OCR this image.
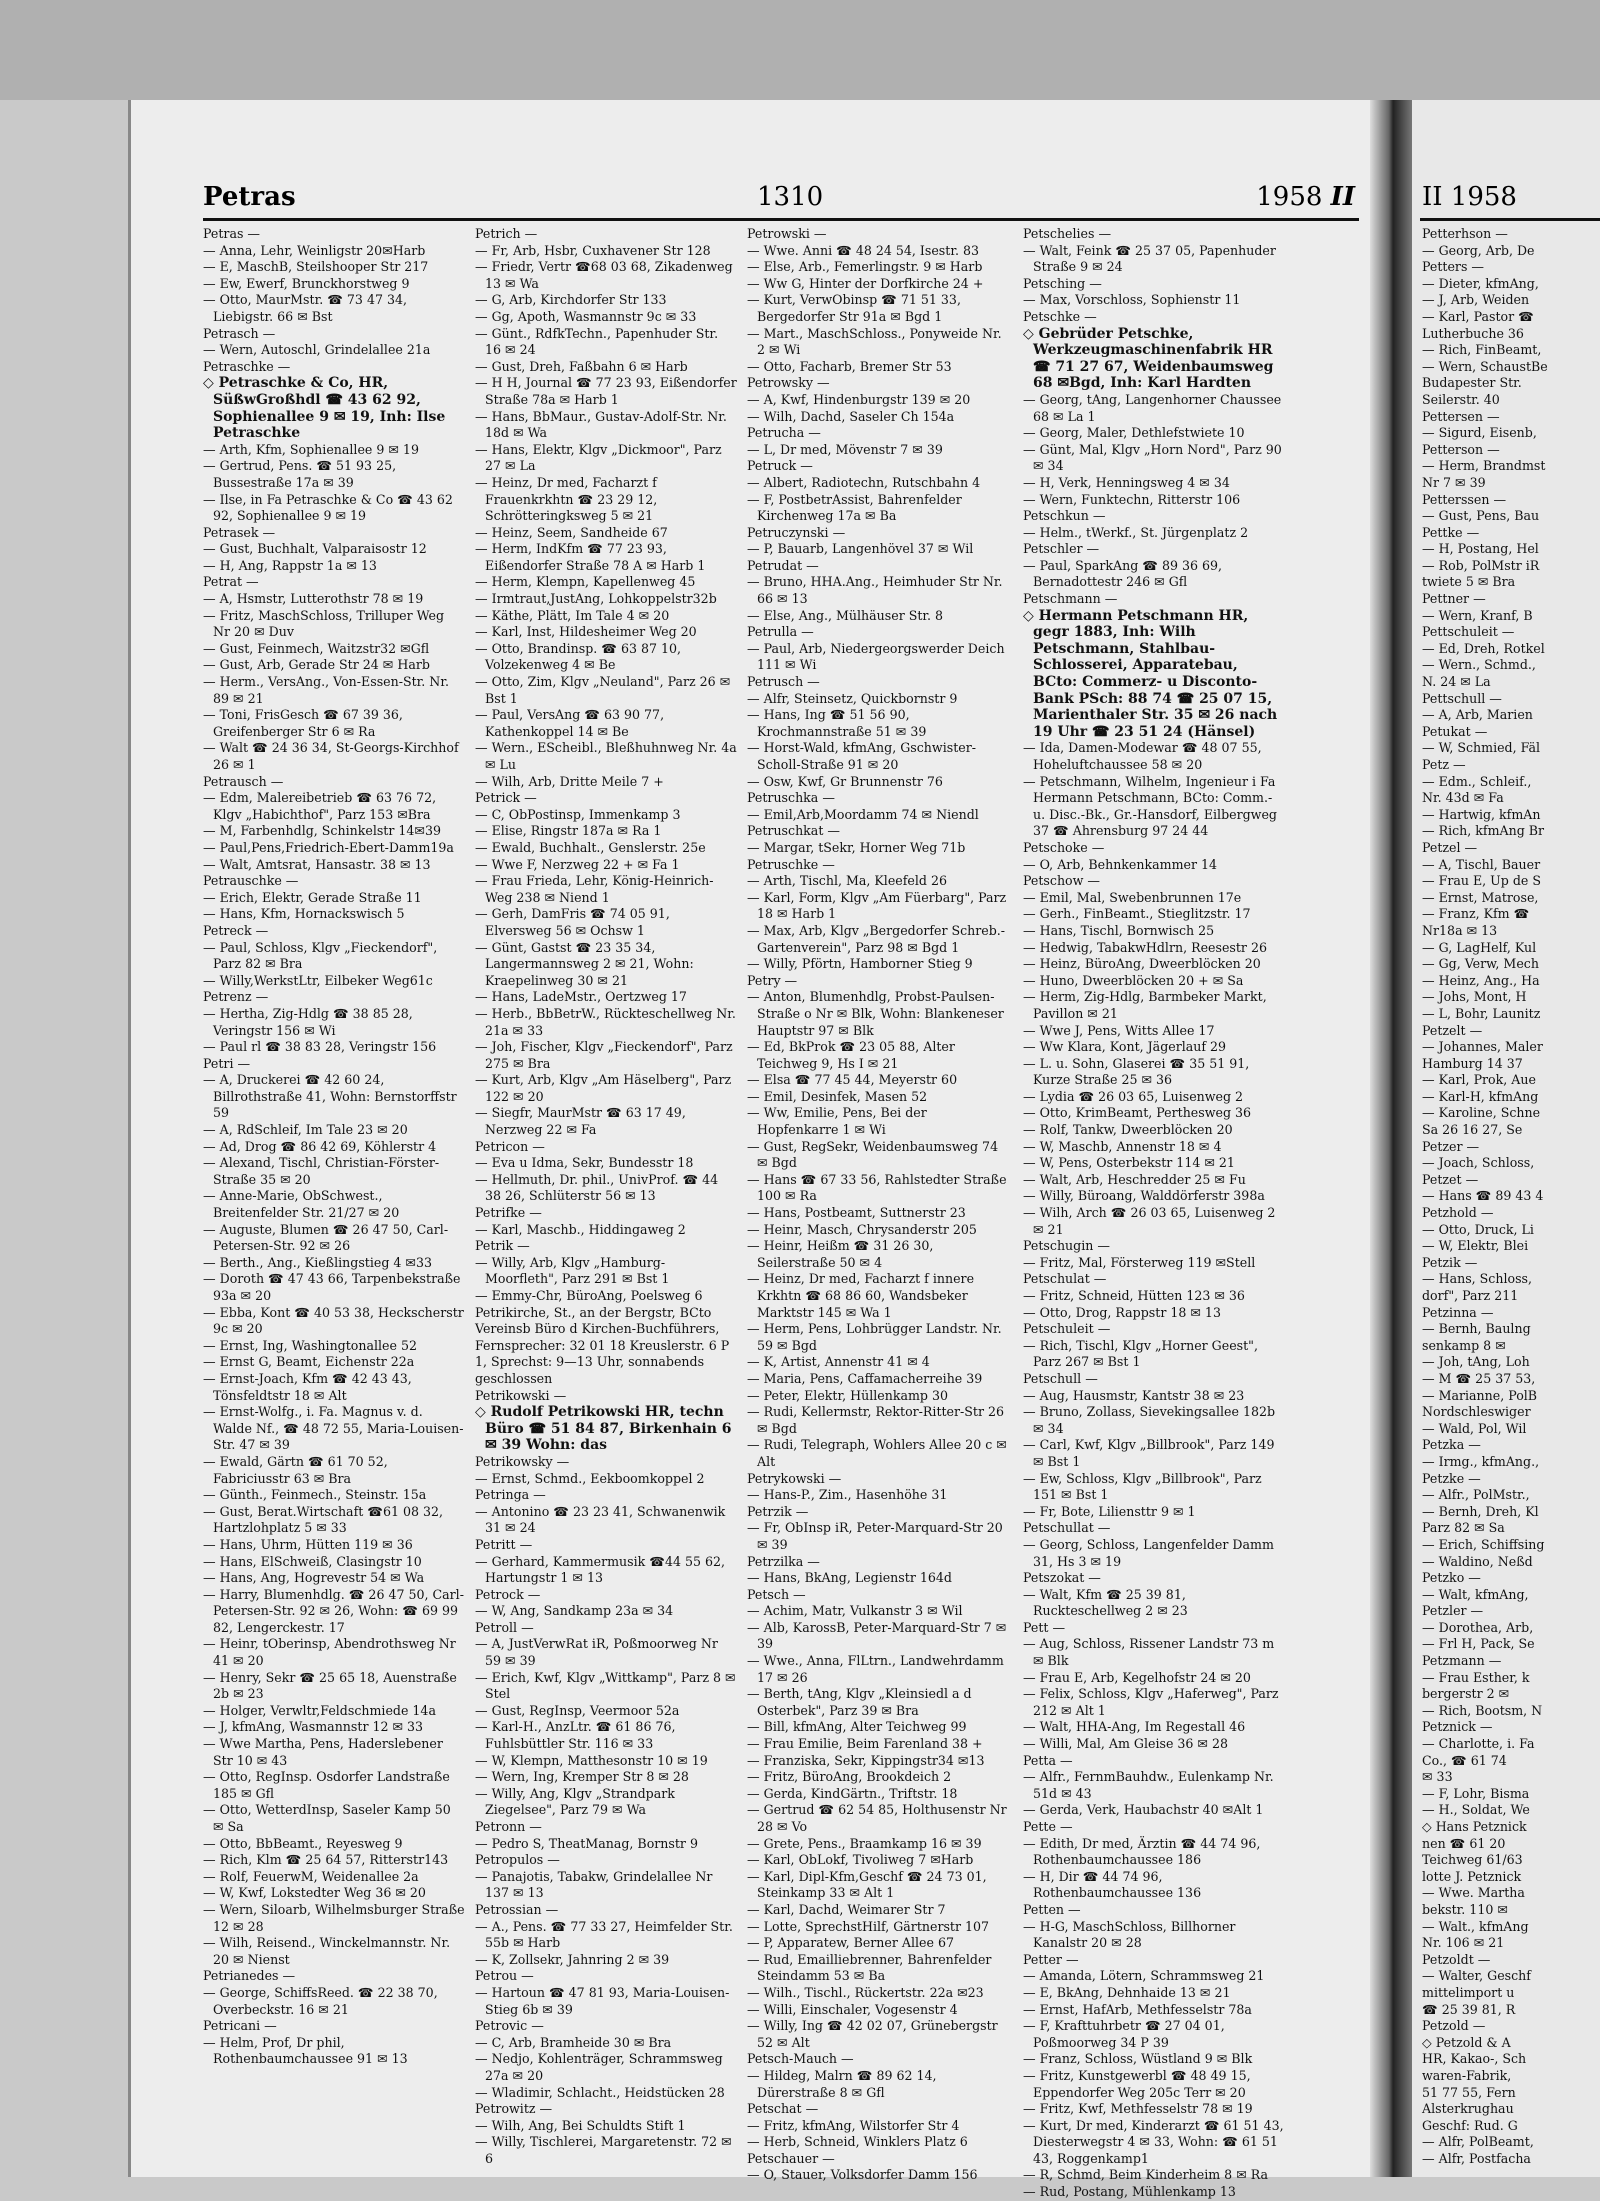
Petras	1310	1958 II
Petras —
— Anna, Lehr, Weinligstr 20✉Harb
— E, MaschB, Steilshooper Str 217
— Ew, Ewerf, Brunckhorstweg 9
— Otto, MaurMstr. ☎ 73 47 34, Liebigstr. 66 ✉ Bst
Petrasch —
— Wern, Autoschl, Grindelallee 21a
Petraschke —
◇ Petraschke & Co, HR, SüßwGroßhdl ☎ 43 62 92, Sophienallee 9 ✉ 19, Inh: Ilse Petraschke
— Arth, Kfm, Sophienallee 9 ✉ 19
— Gertrud, Pens. ☎ 51 93 25, Bussestraße 17a ✉ 39
— Ilse, in Fa Petraschke & Co ☎ 43 62 92, Sophienallee 9 ✉ 19
Petrasek —
— Gust, Buchhalt, Valparaisostr 12
— H, Ang, Rappstr 1a ✉ 13
Petrat —
— A, Hsmstr, Lutterothstr 78 ✉ 19
— Fritz, MaschSchloss, Trilluper Weg Nr 20 ✉ Duv
— Gust, Feinmech, Waitzstr32 ✉Gfl
— Gust, Arb, Gerade Str 24 ✉ Harb
— Herm., VersAng., Von-Essen-Str. Nr. 89 ✉ 21
— Toni, FrisGesch ☎ 67 39 36, Greifenberger Str 6 ✉ Ra
— Walt ☎ 24 36 34, St-Georgs-Kirchhof 26 ✉ 1
Petrausch —
— Edm, Malereibetrieb ☎ 63 76 72, Klgv „Habichthof", Parz 153 ✉Bra
— M, Farbenhdlg, Schinkelstr 14✉39
— Paul,Pens,Friedrich-Ebert-Damm19a
— Walt, Amtsrat, Hansastr. 38 ✉ 13
Petrauschke —
— Erich, Elektr, Gerade Straße 11
— Hans, Kfm, Hornackswisch 5
Petreck —
— Paul, Schloss, Klgv „Fieckendorf", Parz 82 ✉ Bra
— Willy,WerkstLtr, Eilbeker Weg61c
Petrenz —
— Hertha, Zig-Hdlg ☎ 38 85 28, Veringstr 156 ✉ Wi
— Paul rl ☎ 38 83 28, Veringstr 156
Petri —
— A, Druckerei ☎ 42 60 24, Billrothstraße 41, Wohn: Bernstorffstr 59
— A, RdSchleif, Im Tale 23 ✉ 20
— Ad, Drog ☎ 86 42 69, Köhlerstr 4
— Alexand, Tischl, Christian-Förster-Straße 35 ✉ 20
— Anne-Marie, ObSchwest., Breitenfelder Str. 21/27 ✉ 20
— Auguste, Blumen ☎ 26 47 50, Carl-Petersen-Str. 92 ✉ 26
— Berth., Ang., Kießlingstieg 4 ✉33
— Doroth ☎ 47 43 66, Tarpenbekstraße 93a ✉ 20
— Ebba, Kont ☎ 40 53 38, Heckscherstr 9c ✉ 20
— Ernst, Ing, Washingtonallee 52
— Ernst G, Beamt, Eichenstr 22a
— Ernst-Joach, Kfm ☎ 42 43 43, Tönsfeldtstr 18 ✉ Alt
— Ernst-Wolfg., i. Fa. Magnus v. d. Walde Nf., ☎ 48 72 55, Maria-Louisen-Str. 47 ✉ 39
— Ewald, Gärtn ☎ 61 70 52, Fabriciusstr 63 ✉ Bra
— Günth., Feinmech., Steinstr. 15a
— Gust, Berat.Wirtschaft ☎61 08 32, Hartzlohplatz 5 ✉ 33
— Hans, Uhrm, Hütten 119 ✉ 36
— Hans, ElSchweiß, Clasingstr 10
— Hans, Ang, Hogrevestr 54 ✉ Wa
— Harry, Blumenhdlg. ☎ 26 47 50, Carl-Petersen-Str. 92 ✉ 26, Wohn: ☎ 69 99 82, Lengerckestr. 17
— Heinr, tOberinsp, Abendrothsweg Nr 41 ✉ 20
— Henry, Sekr ☎ 25 65 18, Auenstraße 2b ✉ 23
— Holger, Verwltr,Feldschmiede 14a
— J, kfmAng, Wasmannstr 12 ✉ 33
— Wwe Martha, Pens, Haderslebener Str 10 ✉ 43
— Otto, RegInsp. Osdorfer Landstraße 185 ✉ Gfl
— Otto, WetterdInsp, Saseler Kamp 50 ✉ Sa
— Otto, BbBeamt., Reyesweg 9
— Rich, Klm ☎ 25 64 57, Ritterstr143
— Rolf, FeuerwM, Weidenallee 2a
— W, Kwf, Lokstedter Weg 36 ✉ 20
— Wern, Siloarb, Wilhelmsburger Straße 12 ✉ 28
— Wilh, Reisend., Winckelmannstr. Nr. 20 ✉ Nienst
Petrianedes —
— George, SchiffsReed. ☎ 22 38 70, Overbeckstr. 16 ✉ 21
Petricani —
— Helm, Prof, Dr phil, Rothenbaumchaussee 91 ✉ 13
Petrich —
— Fr, Arb, Hsbr, Cuxhavener Str 128
— Friedr, Vertr ☎68 03 68, Zikadenweg 13 ✉ Wa
— G, Arb, Kirchdorfer Str 133
— Gg, Apoth, Wasmannstr 9c ✉ 33
— Günt., RdfkTechn., Papenhuder Str. 16 ✉ 24
— Gust, Dreh, Faßbahn 6 ✉ Harb
— H H, Journal ☎ 77 23 93, Eißendorfer Straße 78a ✉ Harb 1
— Hans, BbMaur., Gustav-Adolf-Str. Nr. 18d ✉ Wa
— Hans, Elektr, Klgv „Dickmoor", Parz 27 ✉ La
— Heinz, Dr med, Facharzt f Frauenkrkhtn ☎ 23 29 12, Schrötteringksweg 5 ✉ 21
— Heinz, Seem, Sandheide 67
— Herm, IndKfm ☎ 77 23 93, Eißendorfer Straße 78 A ✉ Harb 1
— Herm, Klempn, Kapellenweg 45
— Irmtraut,JustAng, Lohkoppelstr32b
— Käthe, Plätt, Im Tale 4 ✉ 20
— Karl, Inst, Hildesheimer Weg 20
— Otto, Brandinsp. ☎ 63 87 10, Volzekenweg 4 ✉ Be
— Otto, Zim, Klgv „Neuland", Parz 26 ✉ Bst 1
— Paul, VersAng ☎ 63 90 77, Kathenkoppel 14 ✉ Be
— Wern., EScheibl., Bleßhuhnweg Nr. 4a ✉ Lu
— Wilh, Arb, Dritte Meile 7 +
Petrick —
— C, ObPostinsp, Immenkamp 3
— Elise, Ringstr 187a ✉ Ra 1
— Ewald, Buchhalt., Genslerstr. 25e
— Wwe F, Nerzweg 22 + ✉ Fa 1
— Frau Frieda, Lehr, König-Heinrich-Weg 238 ✉ Niend 1
— Gerh, DamFris ☎ 74 05 91, Elversweg 56 ✉ Ochsw 1
— Günt, Gastst ☎ 23 35 34, Langermannsweg 2 ✉ 21, Wohn: Kraepelinweg 30 ✉ 21
— Hans, LadeMstr., Oertzweg 17
— Herb., BbBetrW., Rückteschellweg Nr. 21a ✉ 33
— Joh, Fischer, Klgv „Fieckendorf", Parz 275 ✉ Bra
— Kurt, Arb, Klgv „Am Häselberg", Parz 122 ✉ 20
— Siegfr, MaurMstr ☎ 63 17 49, Nerzweg 22 ✉ Fa
Petricon —
— Eva u Idma, Sekr, Bundesstr 18
— Hellmuth, Dr. phil., UnivProf. ☎ 44 38 26, Schlüterstr 56 ✉ 13
Petrifke —
— Karl, Maschb., Hiddingaweg 2
Petrik —
— Willy, Arb, Klgv „Hamburg-Moorfleth", Parz 291 ✉ Bst 1
— Emmy-Chr, BüroAng, Poelsweg 6
Petrikirche, St., an der Bergstr, BCto Vereinsb Büro d Kirchen-Buchführers, Fernsprecher: 32 01 18 Kreuslerstr. 6 P 1, Sprechst: 9—13 Uhr, sonnabends geschlossen
Petrikowski —
◇ Rudolf Petrikowski HR, techn Büro ☎ 51 84 87, Birkenhain 6 ✉ 39 Wohn: das
Petrikowsky —
— Ernst, Schmd., Eekboomkoppel 2
Petringa —
— Antonino ☎ 23 23 41, Schwanenwik 31 ✉ 24
Petritt —
— Gerhard, Kammermusik ☎44 55 62, Hartungstr 1 ✉ 13
Petrock —
— W, Ang, Sandkamp 23a ✉ 34
Petroll —
— A, JustVerwRat iR, Poßmoorweg Nr 59 ✉ 39
— Erich, Kwf, Klgv „Wittkamp", Parz 8 ✉ Stel
— Gust, RegInsp, Veermoor 52a
— Karl-H., AnzLtr. ☎ 61 86 76, Fuhlsbüttler Str. 116 ✉ 33
— W, Klempn, Matthesonstr 10 ✉ 19
— Wern, Ing, Kremper Str 8 ✉ 28
— Willy, Ang, Klgv „Strandpark Ziegelsee", Parz 79 ✉ Wa
Petronn —
— Pedro S, TheatManag, Bornstr 9
Petropulos —
— Panajotis, Tabakw, Grindelallee Nr 137 ✉ 13
Petrossian —
— A., Pens. ☎ 77 33 27, Heimfelder Str. 55b ✉ Harb
— K, Zollsekr, Jahnring 2 ✉ 39
Petrou —
— Hartoun ☎ 47 81 93, Maria-Louisen-Stieg 6b ✉ 39
Petrovic —
— C, Arb, Bramheide 30 ✉ Bra
— Nedjo, Kohlenträger, Schrammsweg 27a ✉ 20
— Wladimir, Schlacht., Heidstücken 28
Petrowitz —
— Wilh, Ang, Bei Schuldts Stift 1
— Willy, Tischlerei, Margaretenstr. 72 ✉ 6
Petrowski —
— Wwe. Anni ☎ 48 24 54, Isestr. 83
— Else, Arb., Femerlingstr. 9 ✉ Harb
— Ww G, Hinter der Dorfkirche 24 +
— Kurt, VerwObinsp ☎ 71 51 33, Bergedorfer Str 91a ✉ Bgd 1
— Mart., MaschSchloss., Ponyweide Nr. 2 ✉ Wi
— Otto, Facharb, Bremer Str 53
Petrowsky —
— A, Kwf, Hindenburgstr 139 ✉ 20
— Wilh, Dachd, Saseler Ch 154a
Petrucha —
— L, Dr med, Mövenstr 7 ✉ 39
Petruck —
— Albert, Radiotechn, Rutschbahn 4
— F, PostbetrAssist, Bahrenfelder Kirchenweg 17a ✉ Ba
Petruczynski —
— P, Bauarb, Langenhövel 37 ✉ Wil
Petrudat —
— Bruno, HHA.Ang., Heimhuder Str Nr. 66 ✉ 13
— Else, Ang., Mülhäuser Str. 8
Petrulla —
— Paul, Arb, Niedergeorgswerder Deich 111 ✉ Wi
Petrusch —
— Alfr, Steinsetz, Quickbornstr 9
— Hans, Ing ☎ 51 56 90, Krochmannstraße 51 ✉ 39
— Horst-Wald, kfmAng, Gschwister-Scholl-Straße 91 ✉ 20
— Osw, Kwf, Gr Brunnenstr 76
Petruschka —
— Emil,Arb,Moordamm 74 ✉ Niendl
Petruschkat —
— Margar, tSekr, Horner Weg 71b
Petruschke —
— Arth, Tischl, Ma, Kleefeld 26
— Karl, Form, Klgv „Am Füerbarg", Parz 18 ✉ Harb 1
— Max, Arb, Klgv „Bergedorfer Schreb.-Gartenverein", Parz 98 ✉ Bgd 1
— Willy, Pförtn, Hamborner Stieg 9
Petry —
— Anton, Blumenhdlg, Probst-Paulsen-Straße o Nr ✉ Blk, Wohn: Blankeneser Hauptstr 97 ✉ Blk
— Ed, BkProk ☎ 23 05 88, Alter Teichweg 9, Hs I ✉ 21
— Elsa ☎ 77 45 44, Meyerstr 60
— Emil, Desinfek, Masen 52
— Ww, Emilie, Pens, Bei der Hopfenkarre 1 ✉ Wi
— Gust, RegSekr, Weidenbaumsweg 74 ✉ Bgd
— Hans ☎ 67 33 56, Rahlstedter Straße 100 ✉ Ra
— Hans, Postbeamt, Suttnerstr 23
— Heinr, Masch, Chrysanderstr 205
— Heinr, Heißm ☎ 31 26 30, Seilerstraße 50 ✉ 4
— Heinz, Dr med, Facharzt f innere Krkhtn ☎ 68 86 60, Wandsbeker Marktstr 145 ✉ Wa 1
— Herm, Pens, Lohbrügger Landstr. Nr. 59 ✉ Bgd
— K, Artist, Annenstr 41 ✉ 4
— Maria, Pens, Caffamacherreihe 39
— Peter, Elektr, Hüllenkamp 30
— Rudi, Kellermstr, Rektor-Ritter-Str 26 ✉ Bgd
— Rudi, Telegraph, Wohlers Allee 20 c ✉ Alt
Petrykowski —
— Hans-P., Zim., Hasenhöhe 31
Petrzik —
— Fr, ObInsp iR, Peter-Marquard-Str 20 ✉ 39
Petrzilka —
— Hans, BkAng, Legienstr 164d
Petsch —
— Achim, Matr, Vulkanstr 3 ✉ Wil
— Alb, KarossB, Peter-Marquard-Str 7 ✉ 39
— Wwe., Anna, FlLtrn., Landwehrdamm 17 ✉ 26
— Berth, tAng, Klgv „Kleinsiedl a d Osterbek", Parz 39 ✉ Bra
— Bill, kfmAng, Alter Teichweg 99
— Frau Emilie, Beim Farenland 38 +
— Franziska, Sekr, Kippingstr34 ✉13
— Fritz, BüroAng, Brookdeich 2
— Gerda, KindGärtn., Triftstr. 18
— Gertrud ☎ 62 54 85, Holthusenstr Nr 28 ✉ Vo
— Grete, Pens., Braamkamp 16 ✉ 39
— Karl, ObLokf, Tivoliweg 7 ✉Harb
— Karl, Dipl-Kfm,Geschf ☎ 24 73 01, Steinkamp 33 ✉ Alt 1
— Karl, Dachd, Weimarer Str 7
— Lotte, SprechstHilf, Gärtnerstr 107
— P, Apparatew, Berner Allee 67
— Rud, Emailliebrenner, Bahrenfelder Steindamm 53 ✉ Ba
— Wilh., Tischl., Rückertstr. 22a ✉23
— Willi, Einschaler, Vogesenstr 4
— Willy, Ing ☎ 42 02 07, Grünebergstr 52 ✉ Alt
Petsch-Mauch —
— Hildeg, Malrn ☎ 89 62 14, Dürerstraße 8 ✉ Gfl
Petschat —
— Fritz, kfmAng, Wilstorfer Str 4
— Herb, Schneid, Winklers Platz 6
Petschauer —
— O, Stauer, Volksdorfer Damm 156
Petschelies —
— Walt, Feink ☎ 25 37 05, Papenhuder Straße 9 ✉ 24
Petsching —
— Max, Vorschloss, Sophienstr 11
Petschke —
◇ Gebrüder Petschke, Werkzeugmaschinenfabrik HR ☎ 71 27 67, Weidenbaumsweg 68 ✉Bgd, Inh: Karl Hardten
— Georg, tAng, Langenhorner Chaussee 68 ✉ La 1
— Georg, Maler, Dethlefstwiete 10
— Günt, Mal, Klgv „Horn Nord", Parz 90 ✉ 34
— H, Verk, Henningsweg 4 ✉ 34
— Wern, Funktechn, Ritterstr 106
Petschkun —
— Helm., tWerkf., St. Jürgenplatz 2
Petschler —
— Paul, SparkAng ☎ 89 36 69, Bernadottestr 246 ✉ Gfl
Petschmann —
◇ Hermann Petschmann HR, gegr 1883, Inh: Wilh Petschmann, Stahlbau-Schlosserei, Apparatebau, BCto: Commerz- u Disconto-Bank PSch: 88 74 ☎ 25 07 15, Marienthaler Str. 35 ✉ 26 nach 19 Uhr ☎ 23 51 24 (Hänsel)
— Ida, Damen-Modewar ☎ 48 07 55, Hoheluftchaussee 58 ✉ 20
— Petschmann, Wilhelm, Ingenieur i Fa Hermann Petschmann, BCto: Comm.- u. Disc.-Bk., Gr.-Hansdorf, Eilbergweg 37 ☎ Ahrensburg 97 24 44
Petschoke —
— O, Arb, Behnkenkammer 14
Petschow —
— Emil, Mal, Swebenbrunnen 17e
— Gerh., FinBeamt., Stieglitzstr. 17
— Hans, Tischl, Bornwisch 25
— Hedwig, TabakwHdlrn, Reesestr 26
— Heinz, BüroAng, Dweerblöcken 20
— Huno, Dweerblöcken 20 + ✉ Sa
— Herm, Zig-Hdlg, Barmbeker Markt, Pavillon ✉ 21
— Wwe J, Pens, Witts Allee 17
— Ww Klara, Kont, Jägerlauf 29
— L. u. Sohn, Glaserei ☎ 35 51 91, Kurze Straße 25 ✉ 36
— Lydia ☎ 26 03 65, Luisenweg 2
— Otto, KrimBeamt, Perthesweg 36
— Rolf, Tankw, Dweerblöcken 20
— W, Maschb, Annenstr 18 ✉ 4
— W, Pens, Osterbekstr 114 ✉ 21
— Walt, Arb, Heschredder 25 ✉ Fu
— Willy, Büroang, Walddörferstr 398a
— Wilh, Arch ☎ 26 03 65, Luisenweg 2 ✉ 21
Petschugin —
— Fritz, Mal, Försterweg 119 ✉Stell
Petschulat —
— Fritz, Schneid, Hütten 123 ✉ 36
— Otto, Drog, Rappstr 18 ✉ 13
Petschuleit —
— Rich, Tischl, Klgv „Horner Geest", Parz 267 ✉ Bst 1
Petschull —
— Aug, Hausmstr, Kantstr 38 ✉ 23
— Bruno, Zollass, Sievekingsallee 182b ✉ 34
— Carl, Kwf, Klgv „Billbrook", Parz 149 ✉ Bst 1
— Ew, Schloss, Klgv „Billbrook", Parz 151 ✉ Bst 1
— Fr, Bote, Liliensttr 9 ✉ 1
Petschullat —
— Georg, Schloss, Langenfelder Damm 31, Hs 3 ✉ 19
Petszokat —
— Walt, Kfm ☎ 25 39 81, Ruckteschellweg 2 ✉ 23
Pett —
— Aug, Schloss, Rissener Landstr 73 m ✉ Blk
— Frau E, Arb, Kegelhofstr 24 ✉ 20
— Felix, Schloss, Klgv „Haferweg", Parz 212 ✉ Alt 1
— Walt, HHA-Ang, Im Regestall 46
— Willi, Mal, Am Gleise 36 ✉ 28
Petta —
— Alfr., FernmBauhdw., Eulenkamp Nr. 51d ✉ 43
— Gerda, Verk, Haubachstr 40 ✉Alt 1
Pette —
— Edith, Dr med, Ärztin ☎ 44 74 96, Rothenbaumchaussee 186
— H, Dir ☎ 44 74 96, Rothenbaumchaussee 136
Petten —
— H-G, MaschSchloss, Billhorner Kanalstr 20 ✉ 28
Petter —
— Amanda, Lötern, Schrammsweg 21
— E, BkAng, Dehnhaide 13 ✉ 21
— Ernst, HafArb, Methfesselstr 78a
— F, Krafttuhrbetr ☎ 27 04 01, Poßmoorweg 34 P 39
— Franz, Schloss, Wüstland 9 ✉ Blk
— Fritz, Kunstgewerbl ☎ 48 49 15, Eppendorfer Weg 205c Terr ✉ 20
— Fritz, Kwf, Methfesselstr 78 ✉ 19
— Kurt, Dr med, Kinderarzt ☎ 61 51 43, Diesterwegstr 4 ✉ 33, Wohn: ☎ 61 51 43, Roggenkamp1
— R, Schmd, Beim Kinderheim 8 ✉ Ra
— Rud, Postang, Mühlenkamp 13
II 1958
Petterhson —
— Georg, Arb, De
Petters —
— Dieter, kfmAng,
— J, Arb, Weiden
— Karl, Pastor ☎
Lutherbuche 36
— Rich, FinBeamt,
— Wern, SchaustBe
Budapester Str.
Seilerstr. 40
Pettersen —
— Sigurd, Eisenb,
Petterson —
— Herm, Brandmst
Nr 7 ✉ 39
Petterssen —
— Gust, Pens, Bau
Pettke —
— H, Postang, Hel
— Rob, PolMstr iR
twiete 5 ✉ Bra
Pettner —
— Wern, Kranf, B
Pettschuleit —
— Ed, Dreh, Rotkel
— Wern., Schmd.,
N. 24 ✉ La
Pettschull —
— A, Arb, Marien
Petukat —
— W, Schmied, Fäl
Petz —
— Edm., Schleif.,
Nr. 43d ✉ Fa
— Hartwig, kfmAn
— Rich, kfmAng Br
Petzel —
— A, Tischl, Bauer
— Frau E, Up de S
— Ernst, Matrose,
— Franz, Kfm ☎
Nr18a ✉ 13
— G, LagHelf, Kul
— Gg, Verw, Mech
— Heinz, Ang., Ha
— Johs, Mont, H
— L, Bohr, Launitz
Petzelt —
— Johannes, Maler
Hamburg 14 37
— Karl, Prok, Aue
— Karl-H, kfmAng
— Karoline, Schne
Sa 26 16 27, Se
Petzer —
— Joach, Schloss,
Petzet —
— Hans ☎ 89 43 4
Petzhold —
— Otto, Druck, Li
— W, Elektr, Blei
Petzik —
— Hans, Schloss,
dorf", Parz 211
Petzinna —
— Bernh, Baulng
senkamp 8 ✉
— Joh, tAng, Loh
— M ☎ 25 37 53,
— Marianne, PolB
Nordschleswiger
— Wald, Pol, Wil
Petzka —
— Irmg., kfmAng.,
Petzke —
— Alfr., PolMstr.,
— Bernh, Dreh, Kl
Parz 82 ✉ Sa
— Erich, Schiffsing
— Waldino, Neßd
Petzko —
— Walt, kfmAng,
Petzler —
— Dorothea, Arb,
— Frl H, Pack, Se
Petzmann —
— Frau Esther, k
bergerstr 2 ✉
— Rich, Bootsm, N
Petznick —
— Charlotte, i. Fa
Co., ☎ 61 74
✉ 33
— F, Lohr, Bisma
— H., Soldat, We
◇ Hans Petznick
nen ☎ 61 20
Teichweg 61/63
lotte J. Petznick
— Wwe. Martha
bekstr. 110 ✉
— Walt., kfmAng
Nr. 106 ✉ 21
Petzoldt —
— Walter, Geschf
mittelimport u
☎ 25 39 81, R
Petzold —
◇ Petzold & A
HR, Kakao-, Sch
waren-Fabrik,
51 77 55, Fern
Alsterkrughau
Geschf: Rud. G
— Alfr, PolBeamt,
— Alfr, Postfacha
